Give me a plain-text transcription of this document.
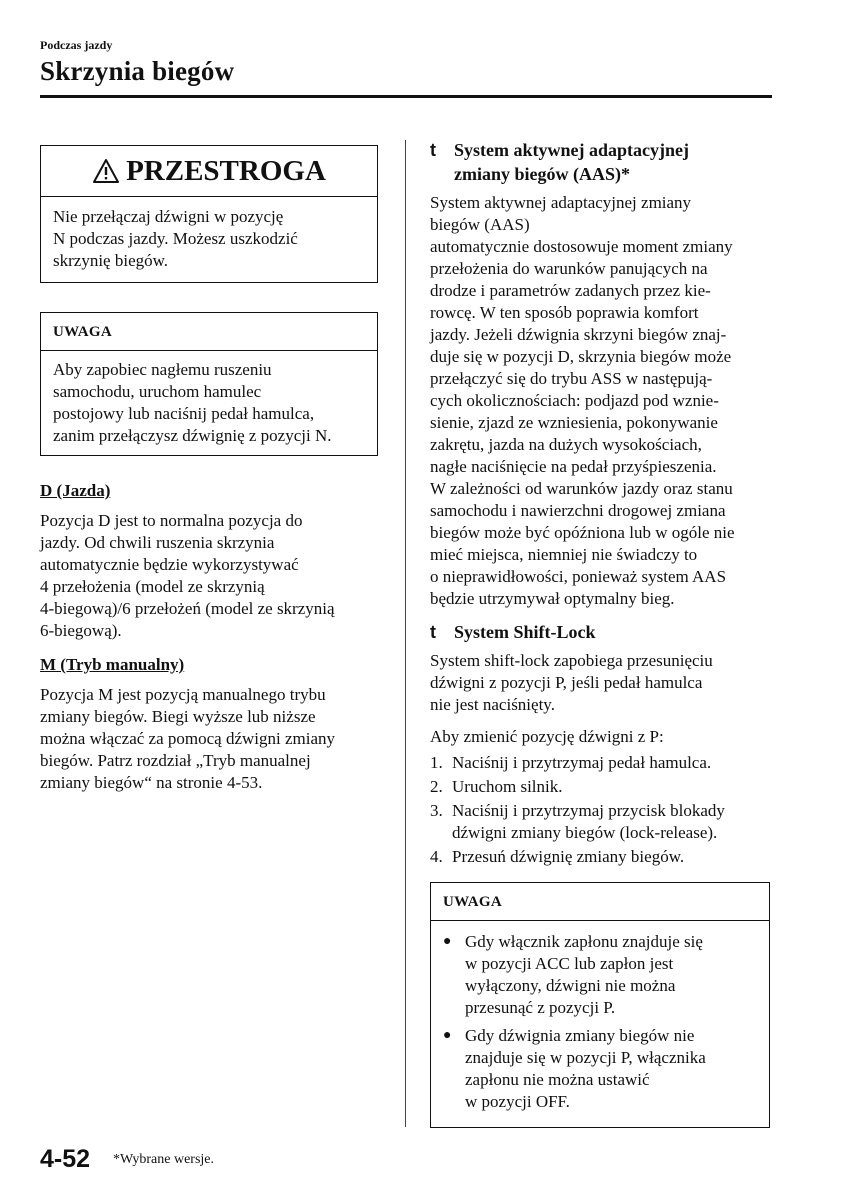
Podczas jazdy
Skrzynia biegów
PRZESTROGA
Nie przełączaj dźwigni w pozycję
N podczas jazdy. Możesz uszkodzić
skrzynię biegów.
UWAGA
Aby zapobiec nagłemu ruszeniu
samochodu, uruchom hamulec
postojowy lub naciśnij pedał hamulca,
zanim przełączysz dźwignię z pozycji N.
D (Jazda)
Pozycja D jest to normalna pozycja do
jazdy. Od chwili ruszenia skrzynia
automatycznie będzie wykorzystywać
4 przełożenia (model ze skrzynią
4-biegową)/6 przełożeń (model ze skrzynią
6-biegową).
M (Tryb manualny)
Pozycja M jest pozycją manualnego trybu
zmiany biegów. Biegi wyższe lub niższe
można włączać za pomocą dźwigni zmiany
biegów. Patrz rozdział „Tryb manualnej
zmiany biegów“ na stronie 4-53.
t	System aktywnej adaptacyjnej
zmiany biegów (AAS)*
System aktywnej adaptacyjnej zmiany
biegów (AAS)
automatycznie dostosowuje moment zmiany
przełożenia do warunków panujących na
drodze i parametrów zadanych przez kie-
rowcę. W ten sposób poprawia komfort
jazdy. Jeżeli dźwignia skrzyni biegów znaj-
duje się w pozycji D, skrzynia biegów może
przełączyć się do trybu ASS w następują-
cych okolicznościach: podjazd pod wznie-
sienie, zjazd ze wzniesienia, pokonywanie
zakrętu, jazda na dużych wysokościach,
nagłe naciśnięcie na pedał przyśpieszenia.
W zależności od warunków jazdy oraz stanu
samochodu i nawierzchni drogowej zmiana
biegów może być opóźniona lub w ogóle nie
mieć miejsca, niemniej nie świadczy to
o nieprawidłowości, ponieważ system AAS
będzie utrzymywał optymalny bieg.
t	System Shift-Lock
System shift-lock zapobiega przesunięciu
dźwigni z pozycji P, jeśli pedał hamulca
nie jest naciśnięty.
Aby zmienić pozycję dźwigni z P:
1. Naciśnij i przytrzymaj pedał hamulca.
2. Uruchom silnik.
3. Naciśnij i przytrzymaj przycisk blokady
dźwigni zmiany biegów (lock-release).
4. Przesuń dźwignię zmiany biegów.
UWAGA
● Gdy włącznik zapłonu znajduje się
w pozycji ACC lub zapłon jest
wyłączony, dźwigni nie można
przesunąć z pozycji P.
● Gdy dźwignia zmiany biegów nie
znajduje się w pozycji P, włącznika
zapłonu nie można ustawić
w pozycji OFF.
4-52 *Wybrane wersje.
